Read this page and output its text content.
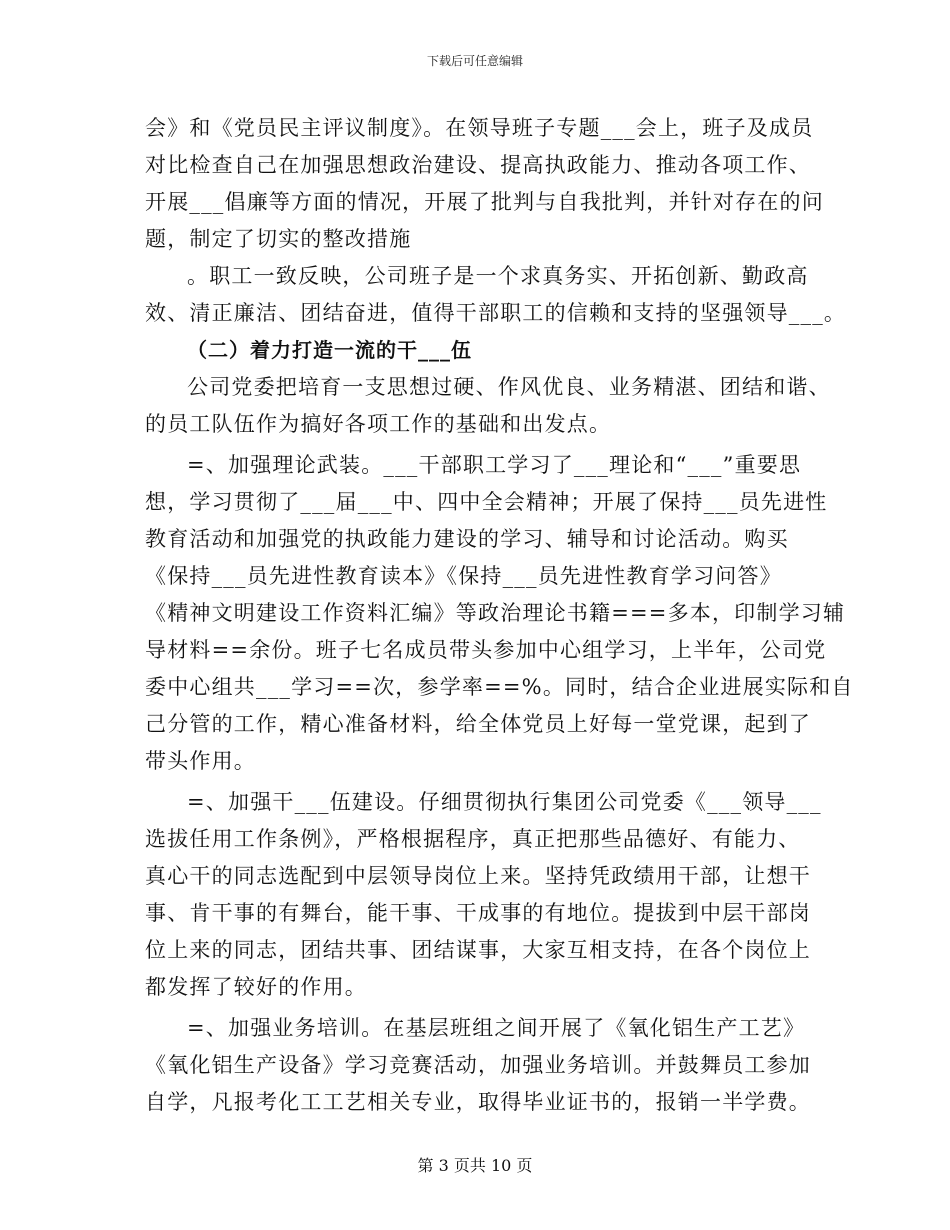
下载后可任意编辑
会》和《党员民主评议制度》。在领导班子专题___会上，班子及成员
对比检查自己在加强思想政治建设、提高执政能力、推动各项工作、
开展___倡廉等方面的情况，开展了批判与自我批判，并针对存在的问
题，制定了切实的整改措施
。职工一致反映，公司班子是一个求真务实、开拓创新、勤政高
效、清正廉洁、团结奋进，值得干部职工的信赖和支持的坚强领导___。
（二）着力打造一流的干___伍
公司党委把培育一支思想过硬、作风优良、业务精湛、团结和谐、
的员工队伍作为搞好各项工作的基础和出发点。
=、加强理论武装。___干部职工学习了___理论和“___”重要思
想，学习贯彻了___届___中、四中全会精神；开展了保持___员先进性
教育活动和加强党的执政能力建设的学习、辅导和讨论活动。购买
《保持___员先进性教育读本》《保持___员先进性教育学习问答》
《精神文明建设工作资料汇编》等政治理论书籍===多本，印制学习辅
导材料==余份。班子七名成员带头参加中心组学习，上半年，公司党
委中心组共___学习==次，参学率==%。同时，结合企业进展实际和自
己分管的工作，精心准备材料，给全体党员上好每一堂党课，起到了
带头作用。
=、加强干___伍建设。仔细贯彻执行集团公司党委《___领导___
选拔任用工作条例》，严格根据程序，真正把那些品德好、有能力、
真心干的同志选配到中层领导岗位上来。坚持凭政绩用干部，让想干
事、肯干事的有舞台，能干事、干成事的有地位。提拔到中层干部岗
位上来的同志，团结共事、团结谋事，大家互相支持，在各个岗位上
都发挥了较好的作用。
=、加强业务培训。在基层班组之间开展了《氧化铝生产工艺》
《氧化铝生产设备》学习竞赛活动，加强业务培训。并鼓舞员工参加
自学，凡报考化工工艺相关专业，取得毕业证书的，报销一半学费。
第 3 页共 10 页
